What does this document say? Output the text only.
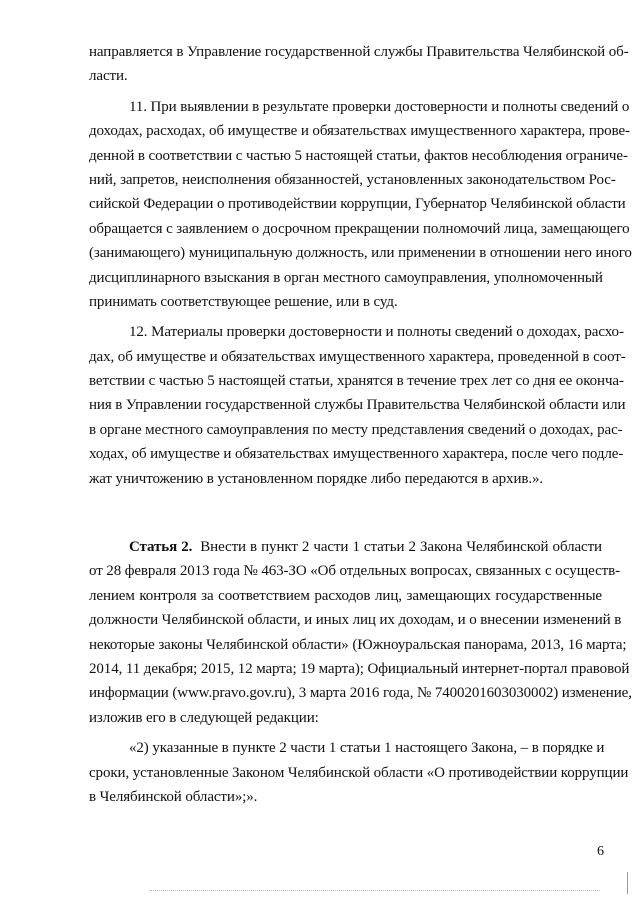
направляется в Управление государственной службы Правительства Челябинской об-
ласти.
11. При выявлении в результате проверки достоверности и полноты сведений о
доходах, расходах, об имуществе и обязательствах имущественного характера, прове-
денной в соответствии с частью 5 настоящей статьи, фактов несоблюдения ограниче-
ний, запретов, неисполнения обязанностей, установленных законодательством Рос-
сийской Федерации о противодействии коррупции, Губернатор Челябинской области
обращается с заявлением о досрочном прекращении полномочий лица, замещающего
(занимающего) муниципальную должность, или применении в отношении него иного
дисциплинарного взыскания в орган местного самоуправления, уполномоченный
принимать соответствующее решение, или в суд.
12. Материалы проверки достоверности и полноты сведений о доходах, расхо-
дах, об имуществе и обязательствах имущественного характера, проведенной в соот-
ветствии с частью 5 настоящей статьи, хранятся в течение трех лет со дня ее оконча-
ния в Управлении государственной службы Правительства Челябинской области или
в органе местного самоуправления по месту представления сведений о доходах, рас-
ходах, об имуществе и обязательствах имущественного характера, после чего подле-
жат уничтожению в установленном порядке либо передаются в архив.».
Статья 2. Внести в пункт 2 части 1 статьи 2 Закона Челябинской области
от 28 февраля 2013 года № 463-ЗО «Об отдельных вопросах, связанных с осуществ-
лением контроля за соответствием расходов лиц, замещающих государственные
должности Челябинской области, и иных лиц их доходам, и о внесении изменений в
некоторые законы Челябинской области» (Южноуральская панорама, 2013, 16 марта;
2014, 11 декабря; 2015, 12 марта; 19 марта); Официальный интернет-портал правовой
информации (www.pravo.gov.ru), 3 марта 2016 года, № 7400201603030002) изменение,
изложив его в следующей редакции:
«2) указанные в пункте 2 части 1 статьи 1 настоящего Закона, – в порядке и
сроки, установленные Законом Челябинской области «О противодействии коррупции
в Челябинской области»;».
6
